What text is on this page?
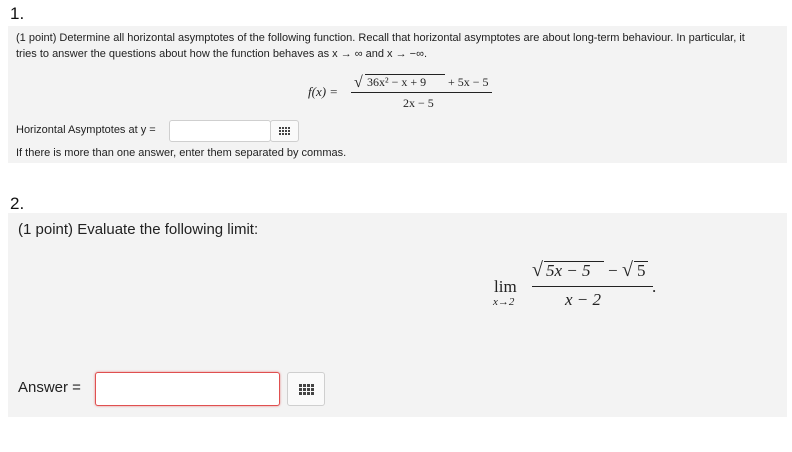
1.
(1 point) Determine all horizontal asymptotes of the following function. Recall that horizontal asymptotes are about long-term behaviour. In particular, it
tries to answer the questions about how the function behaves as x → ∞ and x → −∞.
f(x) =
√ 36x² − x + 9 + 5x − 5
2x − 5
Horizontal Asymptotes at y =
If there is more than one answer, enter them separated by commas.
2.
(1 point) Evaluate the following limit:
lim
x→2
√ 5x − 5 − √ 5
x − 2
.
Answer =
